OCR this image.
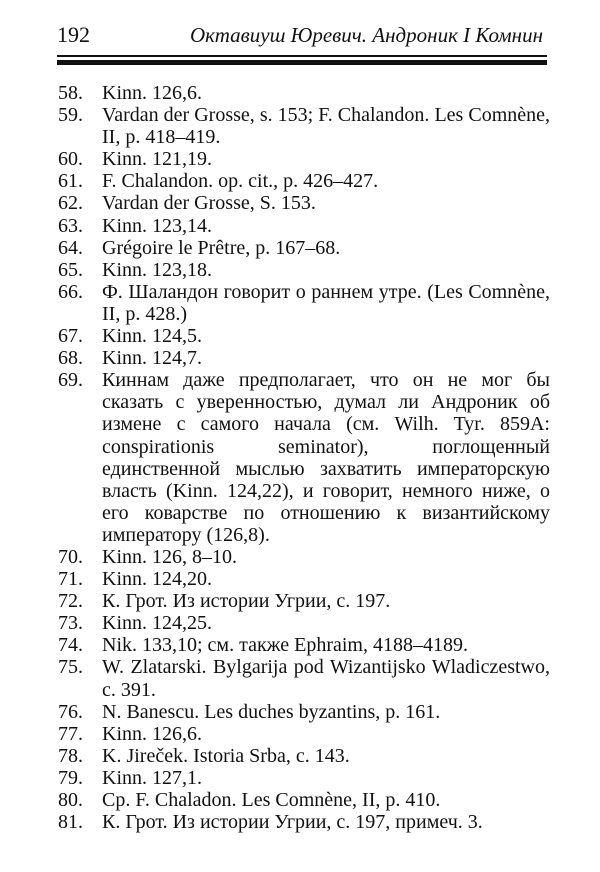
192	Октавиуш Юревич. Андроник I Комнин
58. Kinn. 126,6.
59. Vardan der Grosse, s. 153; F. Chalandon. Les Comnène, II, p. 418–419.
60. Kinn. 121,19.
61. F. Chalandon. op. cit., p. 426–427.
62. Vardan der Grosse, S. 153.
63. Kinn. 123,14.
64. Grégoire le Prêtre, p. 167–68.
65. Kinn. 123,18.
66. Ф. Шаландон говорит о раннем утре. (Les Comnène, II, p. 428.)
67. Kinn. 124,5.
68. Kinn. 124,7.
69. Киннам даже предполагает, что он не мог бы сказать с уверенностью, думал ли Андроник об измене с самого начала (см. Wilh. Tyr. 859A: conspirationis seminator), поглощенный единственной мыслью захватить императорскую власть (Kinn. 124,22), и говорит, немного ниже, о его коварстве по отношению к византийскому императору (126,8).
70. Kinn. 126, 8–10.
71. Kinn. 124,20.
72. К. Грот. Из истории Угрии, с. 197.
73. Kinn. 124,25.
74. Nik. 133,10; см. также Ephraim, 4188–4189.
75. W. Zlatarski. Bylgarija pod Wizantijsko Wladiczestwo, c. 391.
76. N. Banescu. Les duches byzantins, p. 161.
77. Kinn. 126,6.
78. K. Jireček. Istoria Srba, c. 143.
79. Kinn. 127,1.
80. Cp. F. Chaladon. Les Comnène, II, p. 410.
81. К. Грот. Из истории Угрии, с. 197, примеч. 3.
